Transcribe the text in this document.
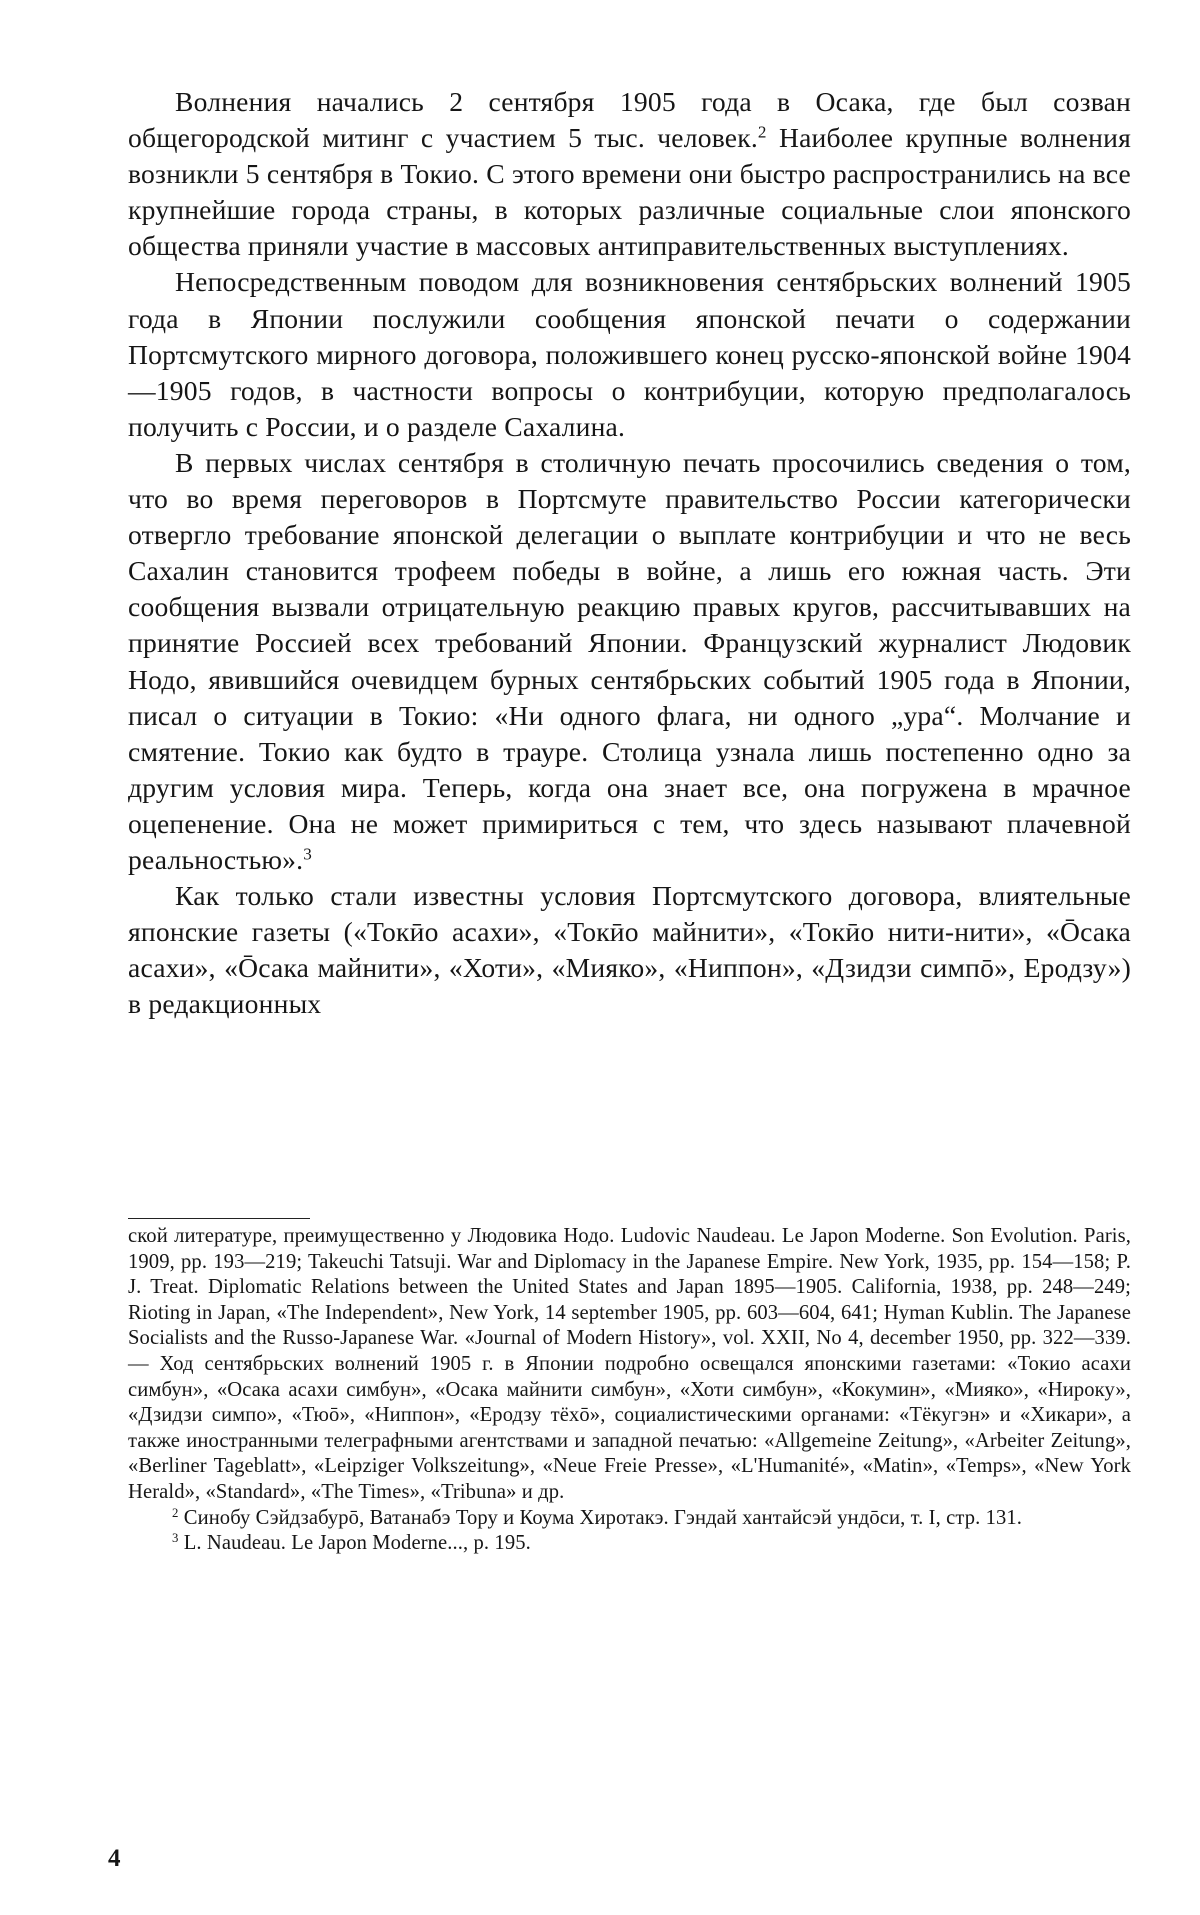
Волнения начались 2 сентября 1905 года в Осака, где был созван общегородской митинг с участием 5 тыс. человек.$^2$ Наиболее крупные волнения возникли 5 сентября в Токио. С этого времени они быстро распространились на все крупнейшие города страны, в которых различные социальные слои японского общества приняли участие в массовых антиправительственных выступлениях.

Непосредственным поводом для возникновения сентябрьских волнений 1905 года в Японии послужили сообщения японской печати о содержании Портсмутского мирного договора, положившего конец русско-японской войне 1904—1905 годов, в частности вопросы о контрибуции, которую предполагалось получить с России, и о разделе Сахалина.

В первых числах сентября в столичную печать просочились сведения о том, что во время переговоров в Портсмуте правительство России категорически отвергло требование японской делегации о выплате контрибуции и что не весь Сахалин становится трофеем победы в войне, а лишь его южная часть. Эти сообщения вызвали отрицательную реакцию правых кругов, рассчитывавших на принятие Россией всех требований Японии. Французский журналист Людовик Нодо, явившийся очевидцем бурных сентябрьских событий 1905 года в Японии, писал о ситуации в Токио: «Ни одного флага, ни одного „ура“. Молчание и смятение. Токио как будто в трауре. Столица узнала лишь постепенно одно за другим условия мира. Теперь, когда она знает все, она погружена в мрачное оцепенение. Она не может примириться с тем, что здесь называют плачевной реальностью».$^3$

Как только стали известны условия Портсмутского договора, влиятельные японские газеты («Токӣо асахи», «Токӣо майнити», «Токӣо нити-нити», «Ōсака асахи», «Ōсака майнити», «Хоти», «Мияко», «Ниппон», «Дзидзи симпō», Еродзу») в редакционных

ской литературе, преимущественно у Людовика Нодо. Ludovic Naudeau. Le Japon Moderne. Son Evolution. Paris, 1909, pp. 193—219; Takeuchi Tatsuji. War and Diplomacy in the Japanese Empire. New York, 1935, pp. 154—158; P. J. Treat. Diplomatic Relations between the United States and Japan 1895—1905. California, 1938, pp. 248—249; Rioting in Japan, «The Independent», New York, 14 september 1905, pp. 603—604, 641; Hyman Kublin. The Japanese Socialists and the Russo-Japanese War. «Journal of Modern History», vol. XXII, No 4, december 1950, pp. 322—339. — Ход сентябрьских волнений 1905 г. в Японии подробно освещался японскими газетами: «Токио асахи симбун», «Осака асахи симбун», «Осака майнити симбун», «Хоти симбун», «Кокумин», «Мияко», «Нироку», «Дзидзи симпо», «Тюō», «Ниппон», «Еродзу тёхō», социалистическими органами: «Тёкугэн» и «Хикари», а также иностранными телеграфными агентствами и западной печатью: «Allgemeine Zeitung», «Arbeiter Zeitung», «Berliner Tageblatt», «Leipziger Volkszeitung», «Neue Freie Presse», «L'Humanité», «Matin», «Temps», «New York Herald», «Standard», «The Times», «Tribuna» и др.

$^2$ Синобу Сэйдзабурō, Ватанабэ Тору и Коума Хиротакэ. Гэндай хантайсэй ундōси, т. I, стр. 131.

$^3$ L. Naudeau. Le Japon Moderne..., p. 195.

4
